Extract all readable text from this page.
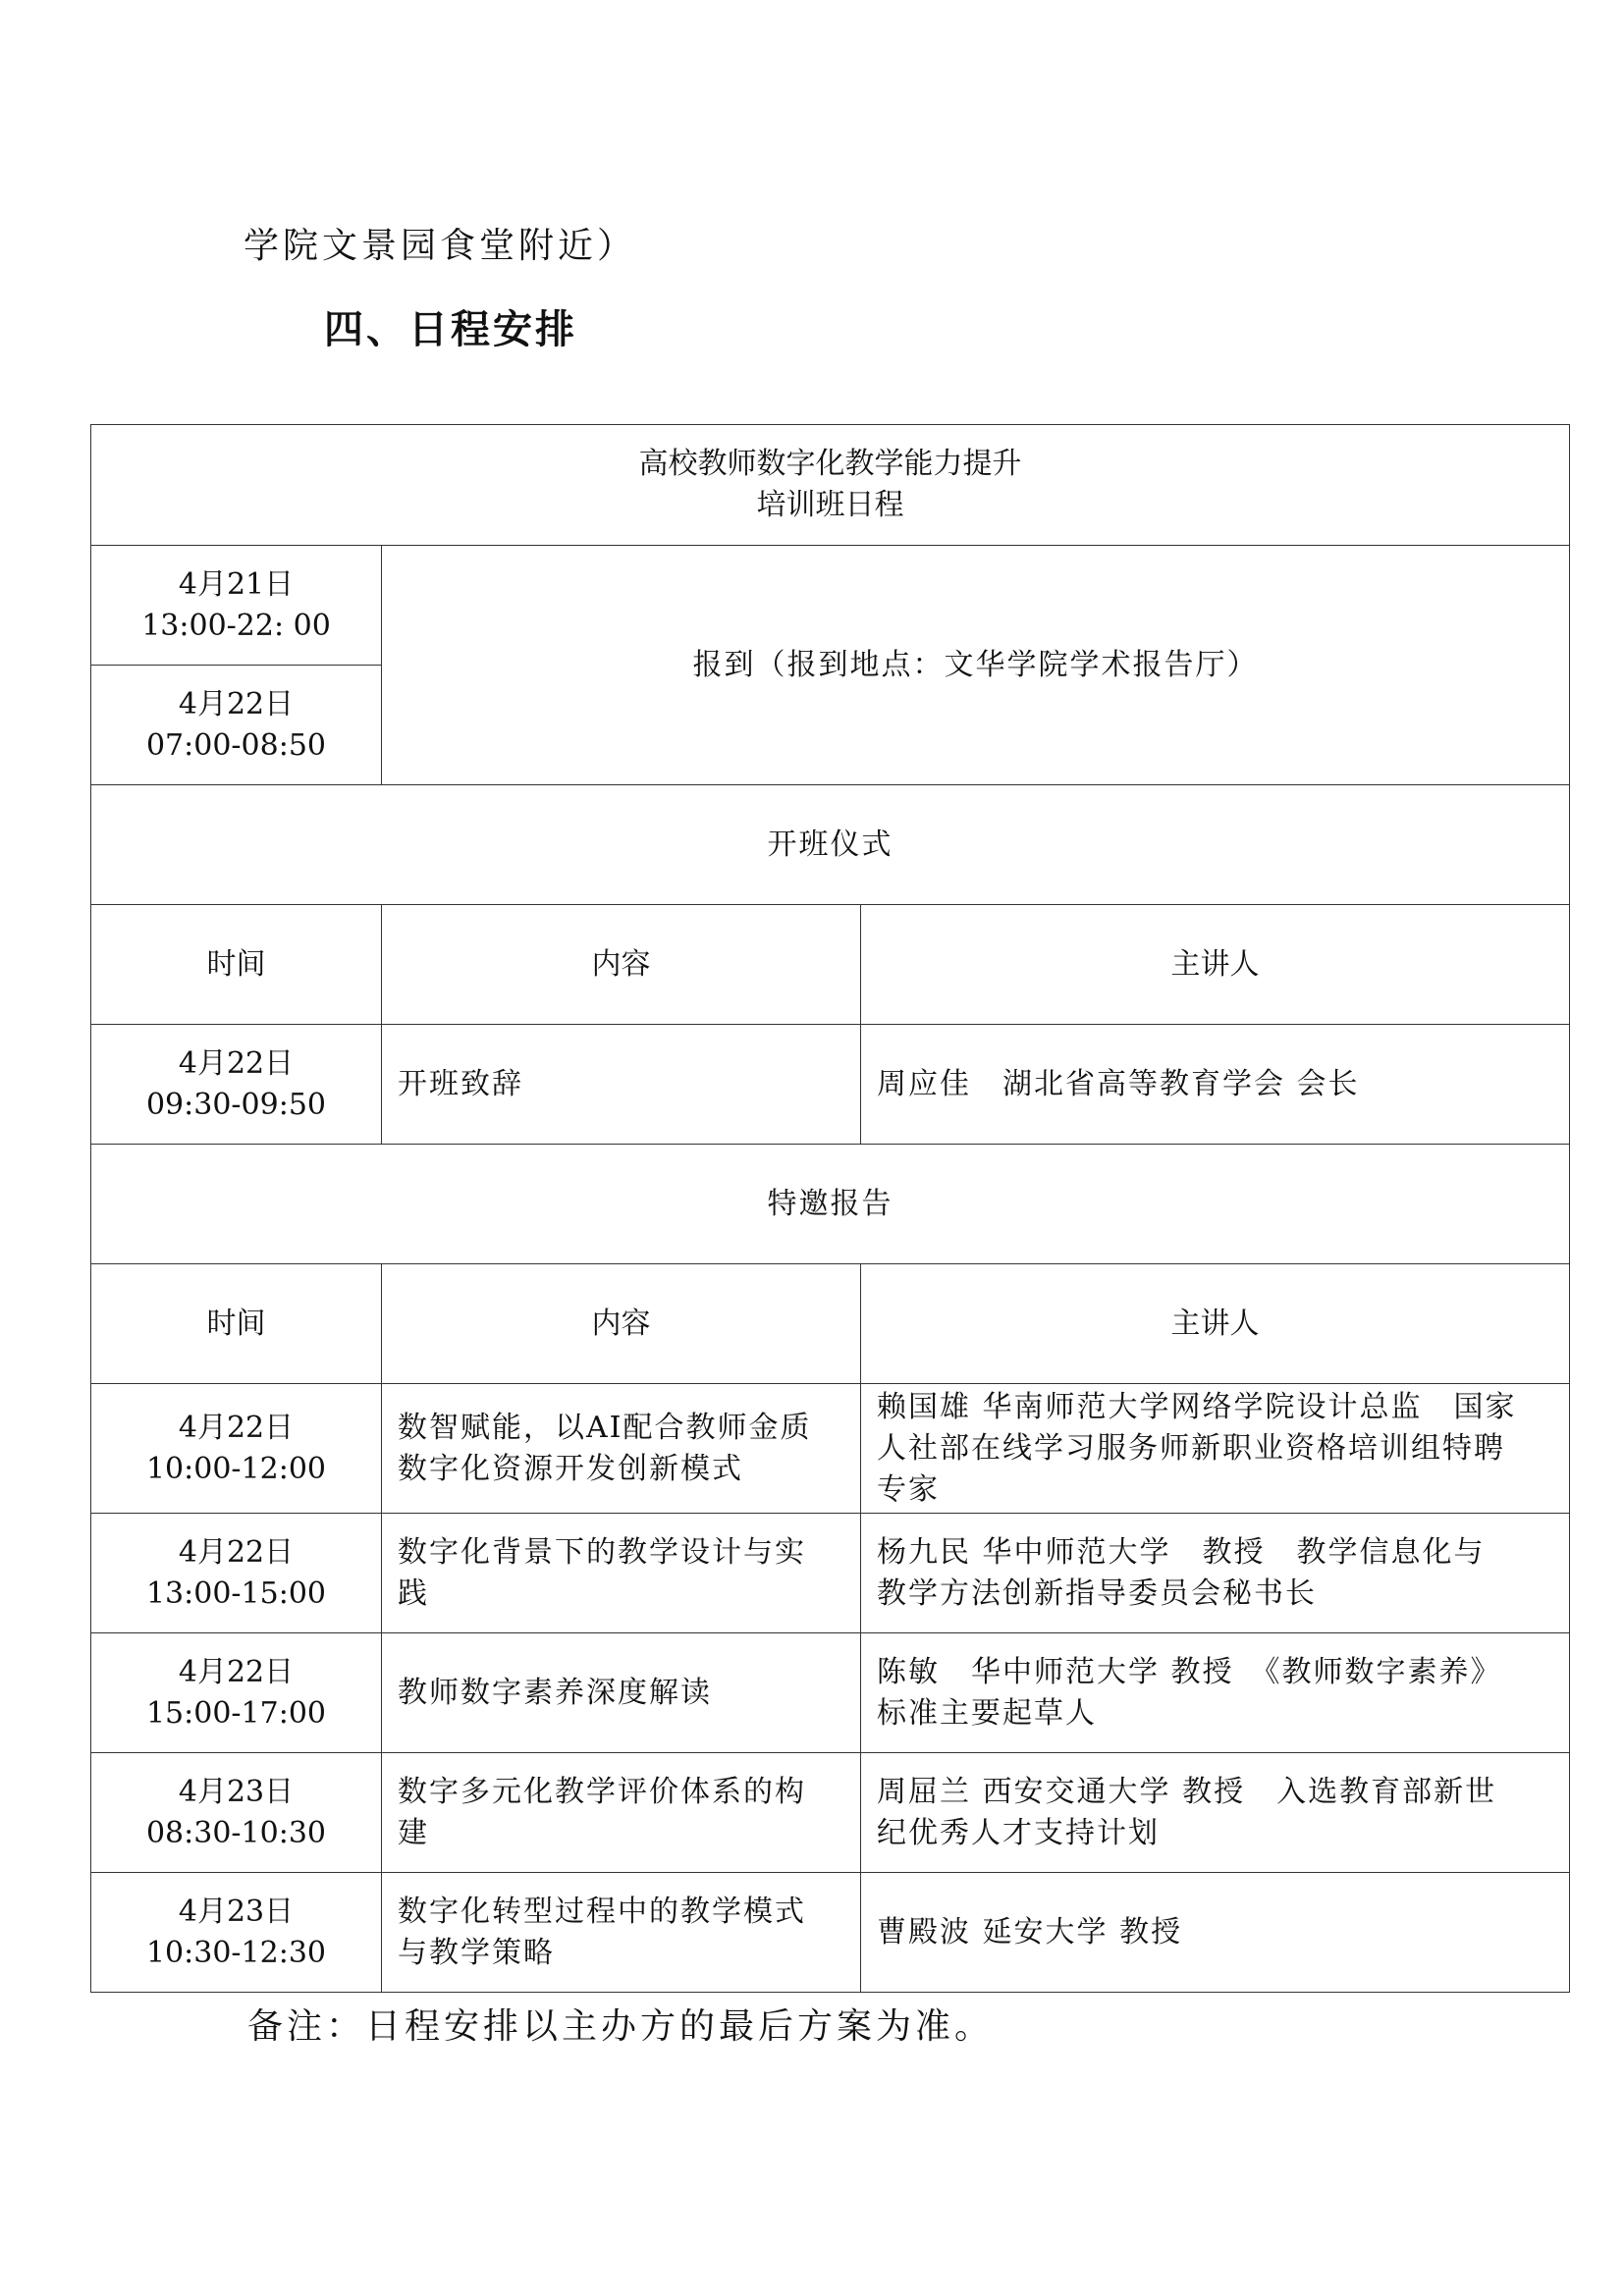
学院文景园食堂附近）
四、日程安排
高校教师数字化教学能力提升
培训班日程		

4月21日
13:00-22: 00	报到（报到地点：文华学院学术报告厅）	

4月22日
07:00-08:50		

开班仪式		
时间	内容	主讲人

4月22日
09:30-09:50	开班致辞	周应佳　湖北省高等教育学会 会长
特邀报告		
时间	内容	主讲人

4月22日
10:00-12:00	数智赋能，以AI配合教师金质
数字化资源开发创新模式	赖国雄 华南师范大学网络学院设计总监　国家
人社部在线学习服务师新职业资格培训组特聘
专家

4月22日
13:00-15:00	数字化背景下的教学设计与实
践	杨九民 华中师范大学　教授　教学信息化与
教学方法创新指导委员会秘书长

4月22日
15:00-17:00	教师数字素养深度解读	陈敏　华中师范大学 教授　《教师数字素养》
标准主要起草人

4月23日
08:30-10:30	数字多元化教学评价体系的构
建	周屈兰 西安交通大学 教授　入选教育部新世
纪优秀人才支持计划

4月23日
10:30-12:30	数字化转型过程中的教学模式
与教学策略	曹殿波 延安大学 教授
备注：日程安排以主办方的最后方案为准。
